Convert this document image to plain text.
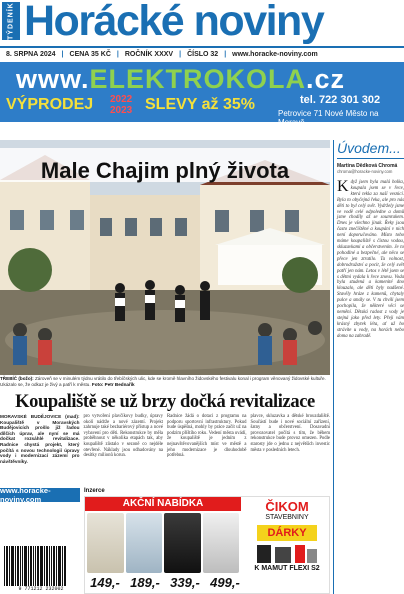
TÝDENÍK Horácké noviny
8. SRPNA 2024 | CENA 35 KČ | ROČNÍK XXXV | ČÍSLO 32 | www.horacke-noviny.com
www.ELEKTROKOLA.cz
VÝPRODEJ 2022
2023 SLEVY až 35%	tel. 722 301 302
Petrovice 71 Nové Město na Moravě
Male Chajim plný života
TŘEBÍČ (božo): Zároveň se v minulém týdnu vrátilo do třebíčských ulic, kde se kromě hlavního židovského festivalu konal i program věnovaný židovské kultuře. Ukázalo se, že odkaz je živý a patří k městu. Foto: Petr Bednařík
Koupaliště se už brzy dočká revitalizace
MORAVSKÉ BUDĚJOVICE (mad): Koupaliště v Moravských Budějovicích prošlo již řadou dílčích úprav, ale nyní se má dočkat rozsáhlé revitalizace. Radnice chystá projekt, který počítá s novou technologií úpravy vody i modernizací zázemí pro návštěvníky.
pro vytvoření plavčíkovy budky, úpravy okolí nádrže a nové zázemí. Projekt zahrnuje také bezbariérový přístup a nové vybavení pro děti. Rekonstrukce by měla proběhnout v několika etapách tak, aby koupaliště zůstalo v sezoně co nejdéle otevřené. Náklady jsou odhadovány na desítky milionů korun.
Radnice žádá o dotaci z programu na podporu sportovní infrastruktury. Pokud bude úspěšná, mohly by práce začít už na podzim příštího roku. Vedení města uvádí, že koupaliště je jedním z nejnavštěvovanějších míst ve městě a jeho modernizace je dlouhodobě potřebná.
plavce, skluzavka a dětské brouzdaliště. Součástí bude i nové sociální zařízení, šatny a občerstvení. Dosavadní provozovatel počítá s tím, že během rekonstrukce bude provoz omezen. Podle starosty jde o jednu z největších investic města v posledních letech.
www.horacke-noviny.com
Úvodem...
Martina Dědková Chromá
chroma@horacke-noviny.com
Když jsem byla malá holka, koupala jsem se v řece, která tekla za naší vesnicí. Byla to obyčejná řeka, ale pro nás děti to byl celý svět. Vydržely jsme ve vodě celé odpoledne a domů jsme chodily až se soumrakem. Dnes je všechno jinak. Řeky jsou často znečištěné a koupání v nich není doporučováno. Místo toho máme koupaliště s čistou vodou, skluzavkami a občerstvením. Je to pohodlné a bezpečné, ale něco se přece jen ztratilo. Ta volnost, dobrodružství a pocit, že celý svět patří jen nám. Letos v létě jsem se s dětmi vydala k řece znovu. Voda byla studená a kamenité dno klouzalo, ale děti byly nadšené. Stavěly hráze z kamenů, chytaly pulce a smály se. V tu chvíli jsem pochopila, že některé věci se nemění. Dětská radost z vody je stejná jako před lety. Přeji vám krásný zbytek léta, ať už ho strávíte u vody, na horách nebo doma na zahradě.
Inzerce
AKČNÍ NABÍDKA
149,- 189,- 339,- 499,-
ČIKOM
STAVEBNINY
DÁRKY
K MAMUT FLEXI S2
9 771212 232002
